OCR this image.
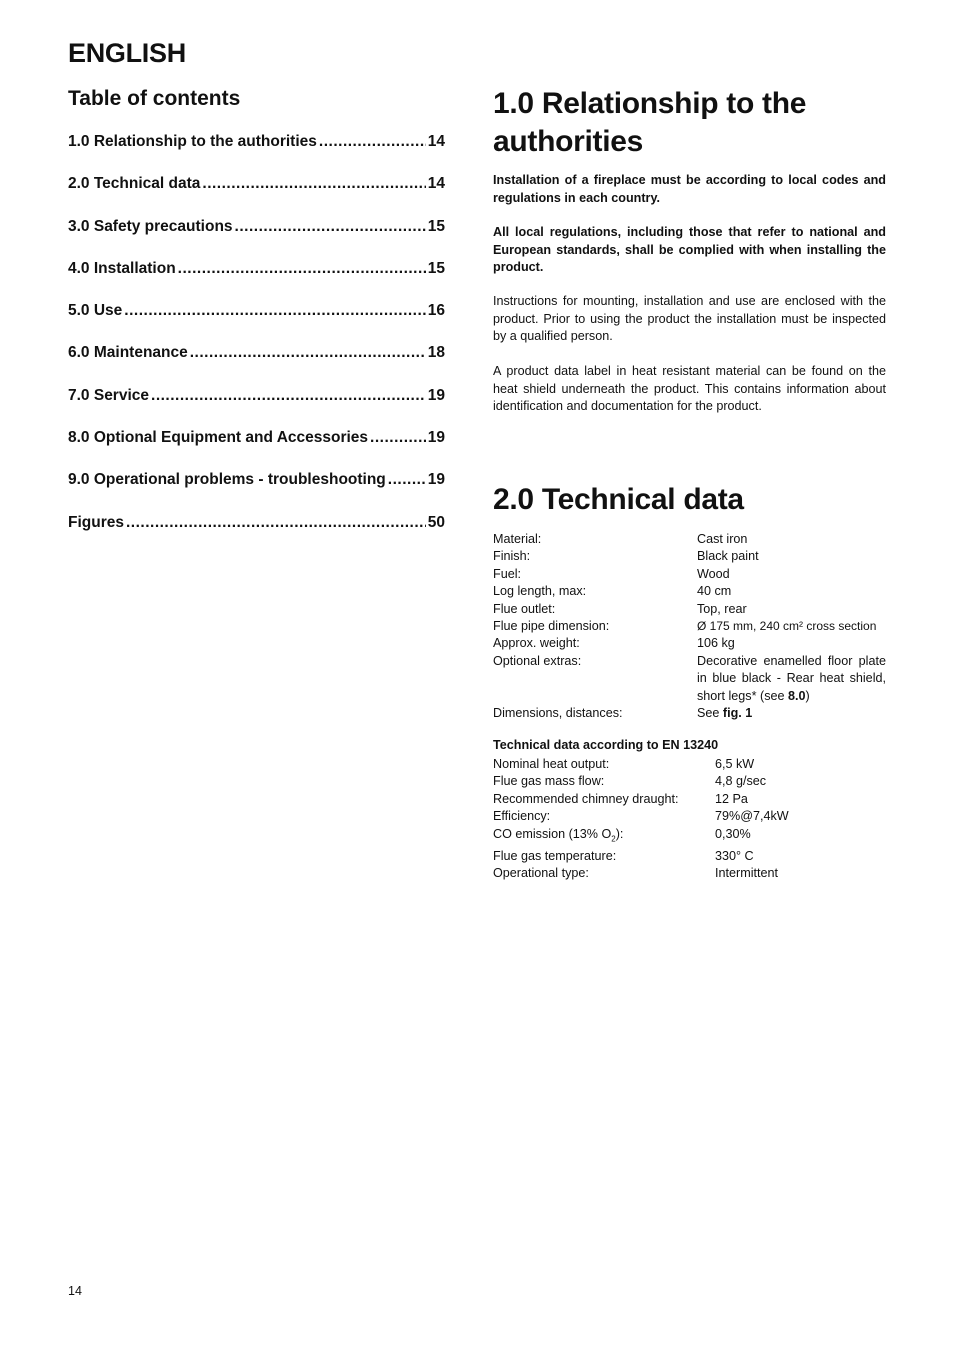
ENGLISH
Table of contents
1.0 Relationship to the authorities .....	14
2.0 Technical data .....	14
3.0 Safety precautions .....	15
4.0 Installation .....	15
5.0 Use .....	16
6.0 Maintenance .....	18
7.0 Service .....	19
8.0 Optional Equipment and Accessories .....	19
9.0 Operational problems - troubleshooting .....	19
Figures .....	50
1.0 Relationship to the authorities

Installation of a fireplace must be according to local codes and regulations in each country.

All local regulations, including those that refer to national and European standards, shall be complied with when installing the product.

Instructions for mounting, installation and use are enclosed with the product. Prior to using the product the installation must be inspected by a qualified person.

A product data label in heat resistant material can be found on the heat shield underneath the product. This contains information about identification and documentation for the product.

2.0 Technical data
Material:	Cast iron
Finish:	Black paint
Fuel:	Wood
Log length, max:	40 cm
Flue outlet:	Top, rear
Flue pipe dimension:	Ø 175 mm, 240 cm² cross section
Approx. weight:	106 kg
Optional extras:	Decorative enamelled floor plate in blue black - Rear heat shield, short legs* (see 8.0)
Dimensions, distances:	See fig. 1
Technical data according to EN 13240
Nominal heat output:	6,5 kW
Flue gas mass flow:	4,8 g/sec
Recommended chimney draught:	12 Pa
Efficiency:	79%@7,4kW
CO emission (13% $O_2$):	0,30%
Flue gas temperature:	330° C
Operational type:	Intermittent
14
